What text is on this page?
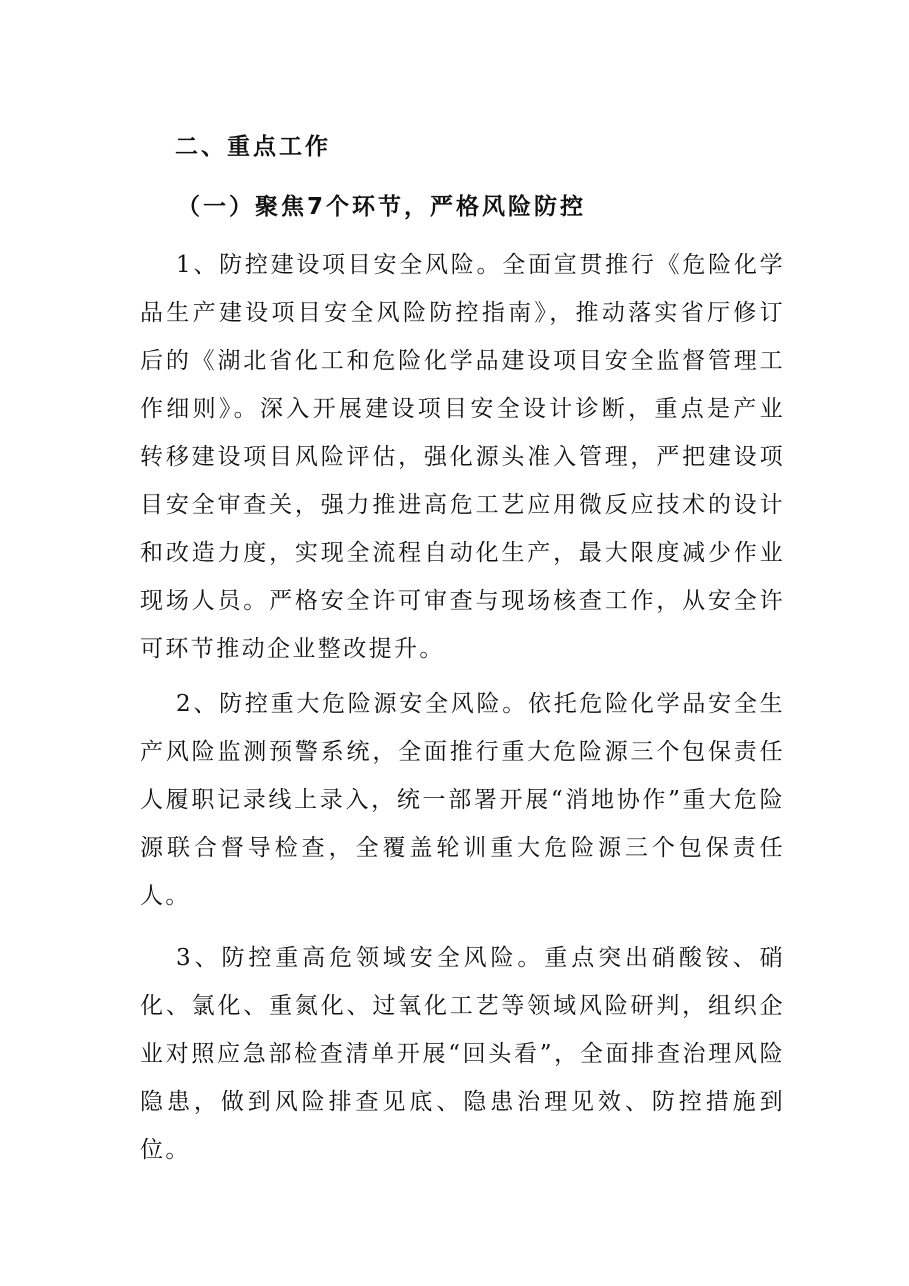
二、重点工作
（一）聚焦7个环节，严格风险防控

1、防控建设项目安全风险。全面宣贯推行《危险化学品生产建设项目安全风险防控指南》，推动落实省厅修订后的《湖北省化工和危险化学品建设项目安全监督管理工作细则》。深入开展建设项目安全设计诊断，重点是产业转移建设项目风险评估，强化源头准入管理，严把建设项目安全审查关，强力推进高危工艺应用微反应技术的设计和改造力度，实现全流程自动化生产，最大限度减少作业现场人员。严格安全许可审查与现场核查工作，从安全许可环节推动企业整改提升。

2、防控重大危险源安全风险。依托危险化学品安全生产风险监测预警系统，全面推行重大危险源三个包保责任人履职记录线上录入，统一部署开展“消地协作”重大危险源联合督导检查，全覆盖轮训重大危险源三个包保责任人。

3、防控重高危领域安全风险。重点突出硝酸铵、硝化、氯化、重氮化、过氧化工艺等领域风险研判，组织企业对照应急部检查清单开展“回头看”，全面排查治理风险隐患，做到风险排查见底、隐患治理见效、防控措施到位。
